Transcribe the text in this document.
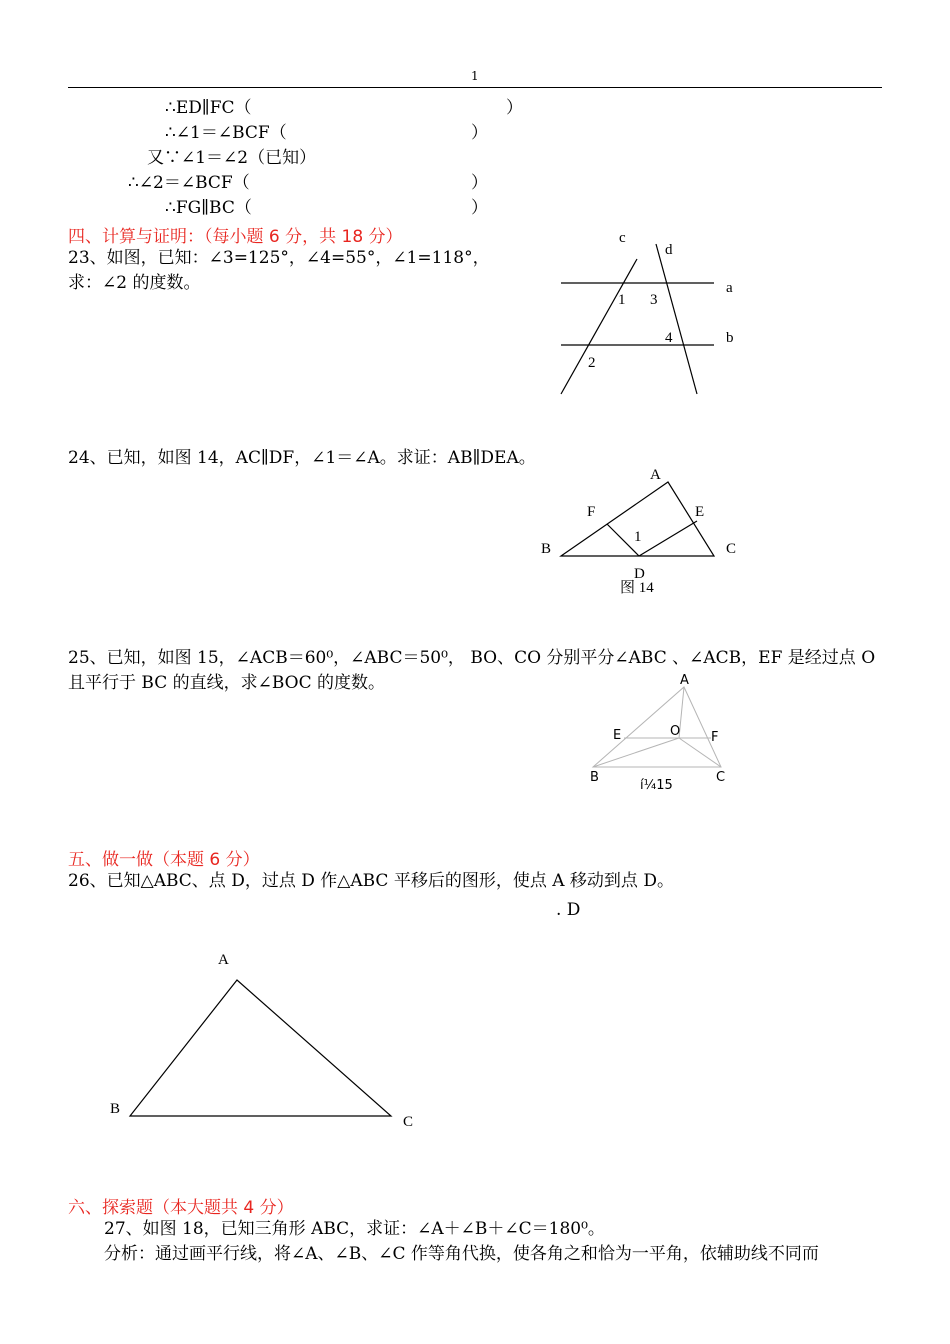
1
∴ED∥FC（	）
∴∠1＝∠BCF（	）
又∵∠1＝∠2（已知）
∴∠2＝∠BCF（	）
∴FG∥BC（	）
四、计算与证明：（每小题 6 分，共 18 分）
23、如图，已知：∠3=125°，∠4=55°，∠1=118°，
求：∠2 的度数。
c
d
a
b
1 3
4
2
24、已知，如图 14，AC∥DF，∠1＝∠A。求证：AB∥DEA。
A
B	C
F	E
1
D
图 14
25、已知，如图 15，∠ACB＝60⁰，∠ABC＝50⁰， BO、CO 分别平分∠ABC 、∠ACB，EF 是经过点 O
且平行于 BC 的直线，求∠BOC 的度数。	A
E	O F
B	C
í¼15
五、做一做（本题 6 分）
26、已知△ABC、点 D，过点 D 作△ABC 平移后的图形，使点 A 移动到点 D。
. D
A
B
C
六、探索题（本大题共 4 分）
27、如图 18，已知三角形 ABC，求证：∠A＋∠B＋∠C＝180⁰。
分析：通过画平行线，将∠A、∠B、∠C 作等角代换，使各角之和恰为一平角，依辅助线不同而
